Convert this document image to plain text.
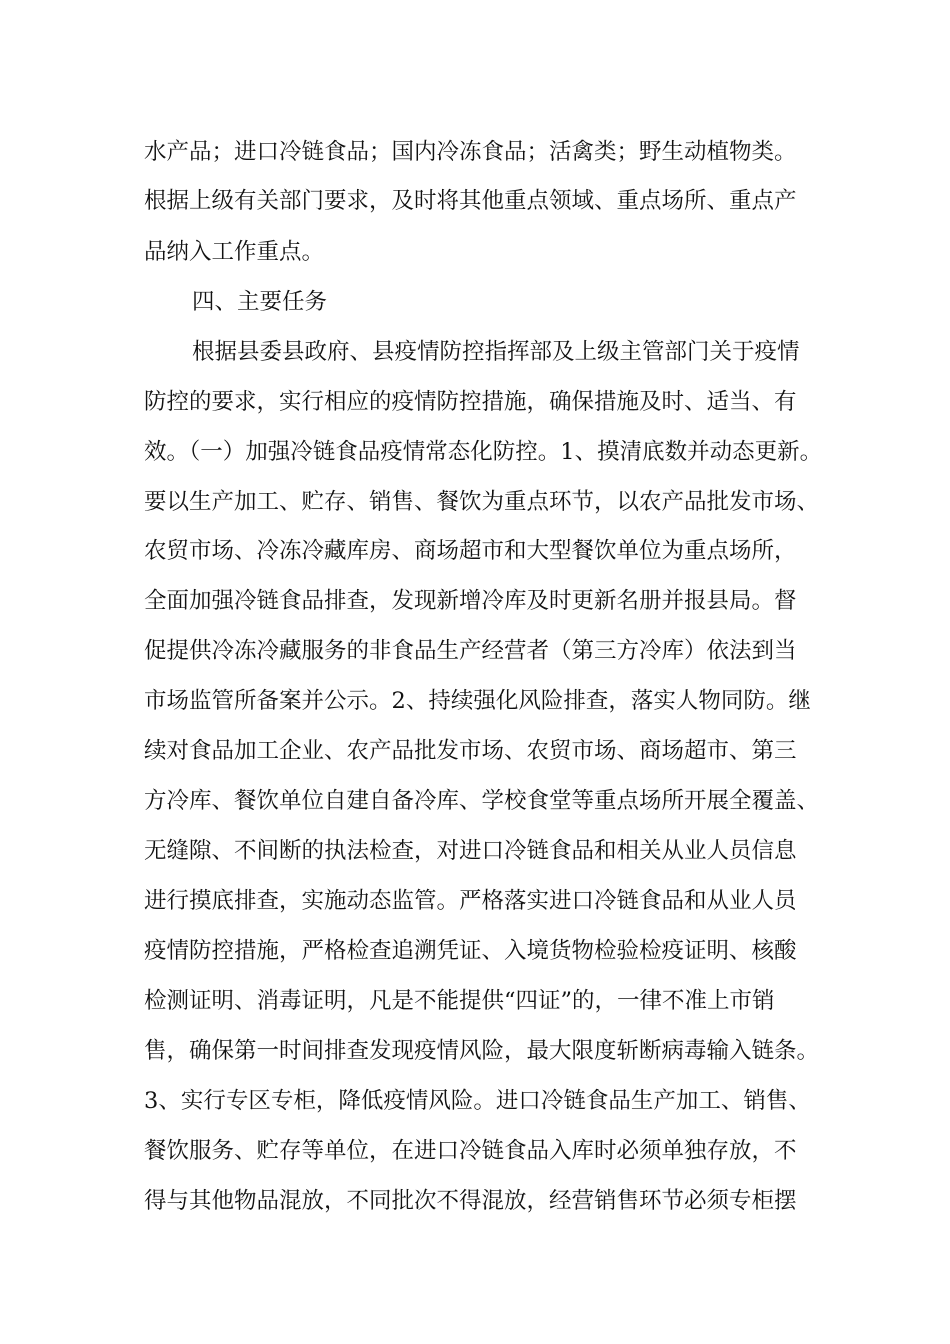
水产品；进口冷链食品；国内冷冻食品；活禽类；野生动植物类。
根据上级有关部门要求，及时将其他重点领域、重点场所、重点产
品纳入工作重点。
四、主要任务
根据县委县政府、县疫情防控指挥部及上级主管部门关于疫情
防控的要求，实行相应的疫情防控措施，确保措施及时、适当、有
效。（一）加强冷链食品疫情常态化防控。1、摸清底数并动态更新。
要以生产加工、贮存、销售、餐饮为重点环节，以农产品批发市场、
农贸市场、冷冻冷藏库房、商场超市和大型餐饮单位为重点场所，
全面加强冷链食品排查，发现新增冷库及时更新名册并报县局。督
促提供冷冻冷藏服务的非食品生产经营者（第三方冷库）依法到当
市场监管所备案并公示。2、持续强化风险排查，落实人物同防。继
续对食品加工企业、农产品批发市场、农贸市场、商场超市、第三
方冷库、餐饮单位自建自备冷库、学校食堂等重点场所开展全覆盖、
无缝隙、不间断的执法检查，对进口冷链食品和相关从业人员信息
进行摸底排查，实施动态监管。严格落实进口冷链食品和从业人员
疫情防控措施，严格检查追溯凭证、入境货物检验检疫证明、核酸
检测证明、消毒证明，凡是不能提供“四证”的，一律不准上市销
售，确保第一时间排查发现疫情风险，最大限度斩断病毒输入链条。
3、实行专区专柜，降低疫情风险。进口冷链食品生产加工、销售、
餐饮服务、贮存等单位，在进口冷链食品入库时必须单独存放，不
得与其他物品混放，不同批次不得混放，经营销售环节必须专柜摆
